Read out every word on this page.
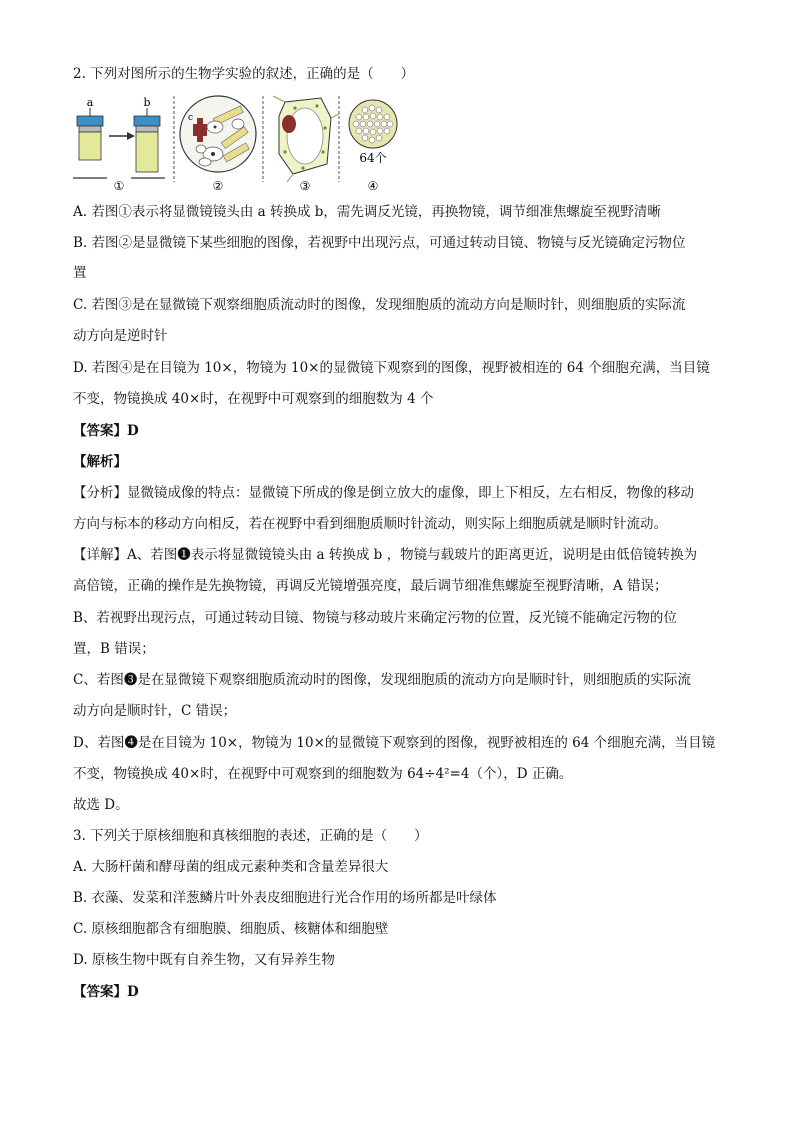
2. 下列对图所示的生物学实验的叙述，正确的是（　　）
a	b
①
c
②	③
64个
④
A. 若图①表示将显微镜镜头由 a 转换成 b，需先调反光镜，再换物镜，调节细准焦螺旋至视野清晰
B. 若图②是显微镜下某些细胞的图像，若视野中出现污点，可通过转动目镜、物镜与反光镜确定污物位
置
C. 若图③是在显微镜下观察细胞质流动时的图像，发现细胞质的流动方向是顺时针，则细胞质的实际流
动方向是逆时针
D. 若图④是在目镜为 10×，物镜为 10×的显微镜下观察到的图像，视野被相连的 64 个细胞充满，当目镜
不变，物镜换成 40×时，在视野中可观察到的细胞数为 4 个
【答案】D
【解析】
【分析】显微镜成像的特点：显微镜下所成的像是倒立放大的虚像，即上下相反，左右相反，物像的移动
方向与标本的移动方向相反，若在视野中看到细胞质顺时针流动，则实际上细胞质就是顺时针流动。
【详解】A、若图❶表示将显微镜镜头由 a 转换成 b ，物镜与载玻片的距离更近，说明是由低倍镜转换为
高倍镜，正确的操作是先换物镜，再调反光镜增强亮度，最后调节细准焦螺旋至视野清晰，A 错误；
B、若视野出现污点，可通过转动目镜、物镜与移动玻片来确定污物的位置，反光镜不能确定污物的位
置，B 错误；
C、若图❸是在显微镜下观察细胞质流动时的图像，发现细胞质的流动方向是顺时针，则细胞质的实际流
动方向是顺时针，C 错误；
D、若图❹是在目镜为 10×，物镜为 10×的显微镜下观察到的图像，视野被相连的 64 个细胞充满，当目镜
不变，物镜换成 40×时，在视野中可观察到的细胞数为 64÷4²=4（个），D 正确。
故选 D。
3. 下列关于原核细胞和真核细胞的表述，正确的是（　　）
A. 大肠杆菌和酵母菌的组成元素种类和含量差异很大
B. 衣藻、发菜和洋葱鳞片叶外表皮细胞进行光合作用的场所都是叶绿体
C. 原核细胞都含有细胞膜、细胞质、核糖体和细胞壁
D. 原核生物中既有自养生物，又有异养生物
【答案】D
